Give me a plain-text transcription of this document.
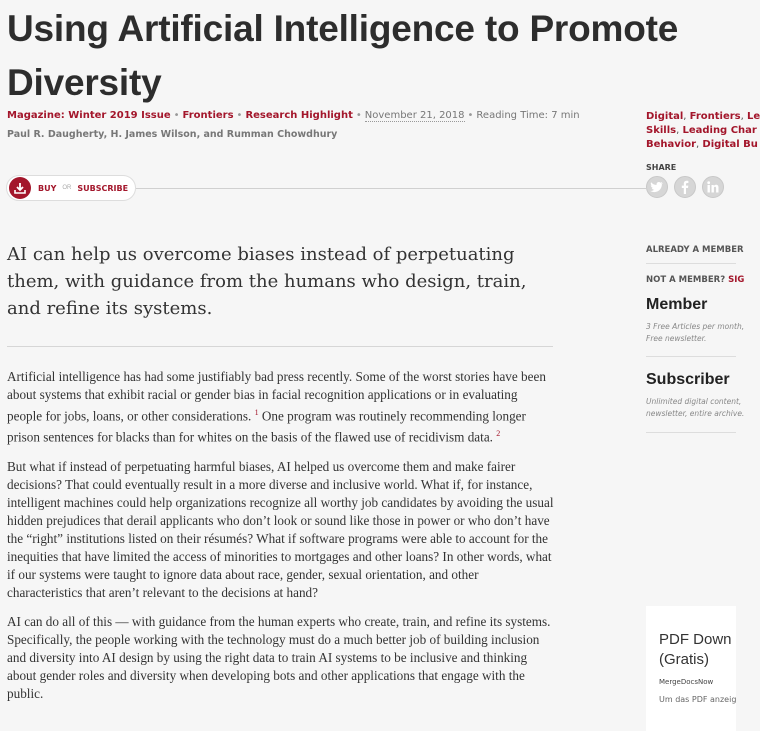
Using Artificial Intelligence to Promote Diversity
Magazine: Winter 2019 Issue • Frontiers • Research Highlight • November 21, 2018 • Reading Time: 7 min
Paul R. Daugherty, H. James Wilson, and Rumman Chowdhury
BUY OR SUBSCRIBE
Digital, Frontiers, Le
Skills, Leading Char
Behavior, Digital Bu
SHARE

AI can help us overcome biases instead of perpetuating them, with guidance from the humans who design, train, and refine its systems.

Artificial intelligence has had some justifiably bad press recently. Some of the worst stories have been about systems that exhibit racial or gender bias in facial recognition applications or in evaluating people for jobs, loans, or other considerations. $^1$ One program was routinely recommending longer prison sentences for blacks than for whites on the basis of the flawed use of recidivism data. $^2$

But what if instead of perpetuating harmful biases, AI helped us overcome them and make fairer decisions? That could eventually result in a more diverse and inclusive world. What if, for instance, intelligent machines could help organizations recognize all worthy job candidates by avoiding the usual hidden prejudices that derail applicants who don’t look or sound like those in power or who don’t have the “right” institutions listed on their résumés? What if software programs were able to account for the inequities that have limited the access of minorities to mortgages and other loans? In other words, what if our systems were taught to ignore data about race, gender, sexual orientation, and other characteristics that aren’t relevant to the decisions at hand?

AI can do all of this — with guidance from the human experts who create, train, and refine its systems. Specifically, the people working with the technology must do a much better job of building inclusion and diversity into AI design by using the right data to train AI systems to be inclusive and thinking about gender roles and diversity when developing bots and other applications that engage with the public.

ALREADY A MEMBER
NOT A MEMBER? SIG
Member
3 Free Articles per month,
Free newsletter.
Subscriber
Unlimited digital content,
newsletter, entire archive.
PDF Down
(Gratis)
MergeDocsNow
Um das PDF anzeig
